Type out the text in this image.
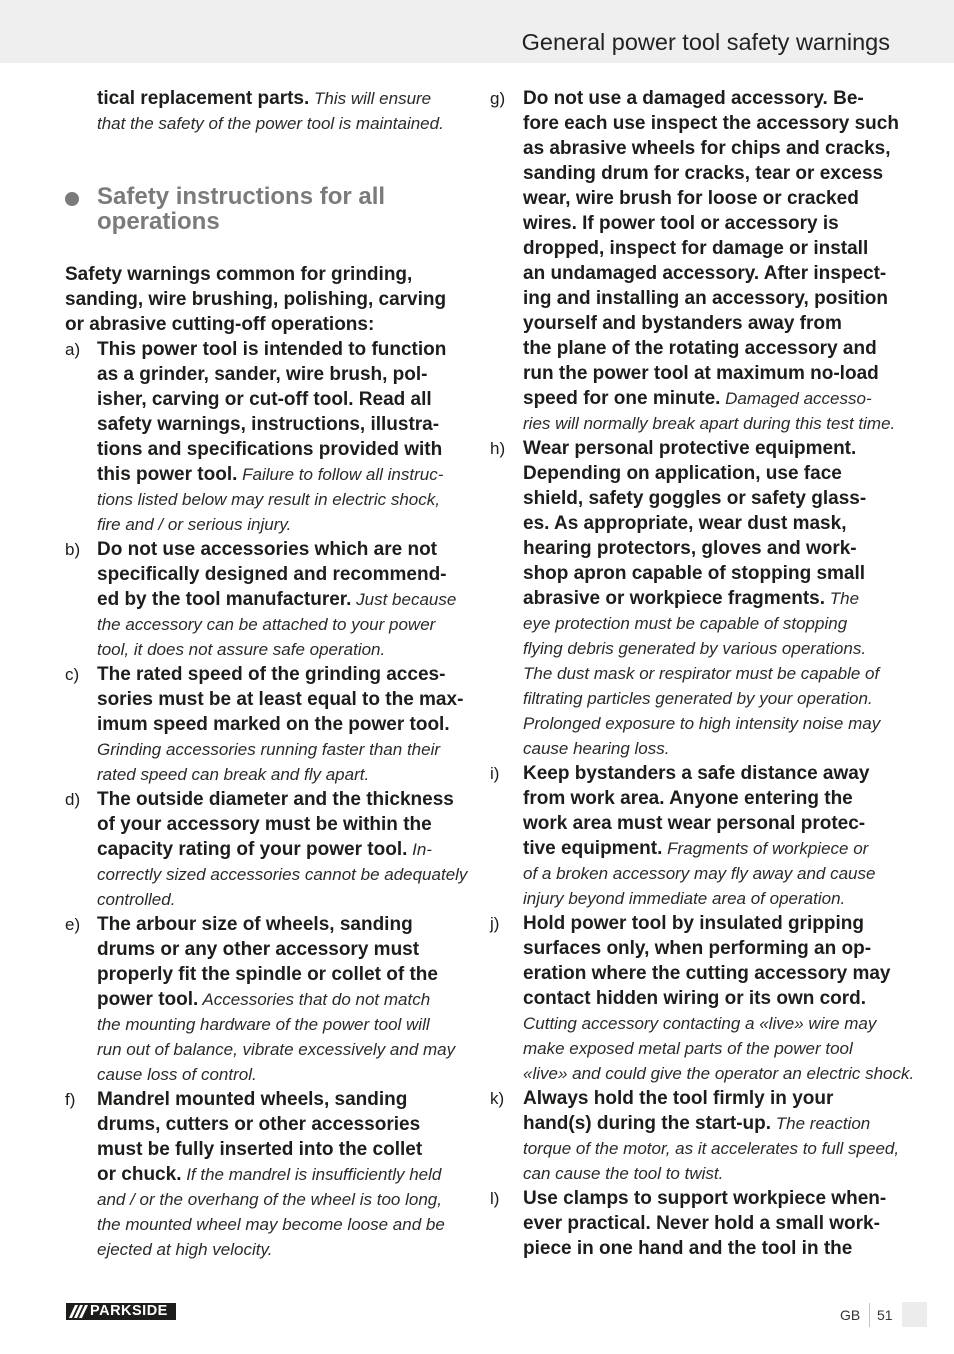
General power tool safety warnings

tical replacement parts. This will ensure
that the safety of the power tool is maintained.

Safety instructions for all
operations

Safety warnings common for grinding,
sanding, wire brushing, polishing, carving
or abrasive cutting-off operations:

a) This power tool is intended to function
as a grinder, sander, wire brush, pol-
isher, carving or cut-off tool. Read all
safety warnings, instructions, illustra-
tions and specifications provided with
this power tool. Failure to follow all instruc-
tions listed below may result in electric shock,
fire and / or serious injury.
b) Do not use accessories which are not
specifically designed and recommend-
ed by the tool manufacturer. Just because
the accessory can be attached to your power
tool, it does not assure safe operation.
c) The rated speed of the grinding acces-
sories must be at least equal to the max-
imum speed marked on the power tool.
Grinding accessories running faster than their
rated speed can break and fly apart.
d) The outside diameter and the thickness
of your accessory must be within the
capacity rating of your power tool. In-
correctly sized accessories cannot be adequately
controlled.
e) The arbour size of wheels, sanding
drums or any other accessory must
properly fit the spindle or collet of the
power tool. Accessories that do not match
the mounting hardware of the power tool will
run out of balance, vibrate excessively and may
cause loss of control.
f)	Mandrel mounted wheels, sanding
drums, cutters or other accessories
must be fully inserted into the collet
or chuck. If the mandrel is insufficiently held
and / or the overhang of the wheel is too long,
the mounted wheel may become loose and be
ejected at high velocity.
g) Do not use a damaged accessory. Be-
fore each use inspect the accessory such
as abrasive wheels for chips and cracks,
sanding drum for cracks, tear or excess
wear, wire brush for loose or cracked
wires. If power tool or accessory is
dropped, inspect for damage or install
an undamaged accessory. After inspect-
ing and installing an accessory, position
yourself and bystanders away from
the plane of the rotating accessory and
run the power tool at maximum no-load
speed for one minute. Damaged accesso-
ries will normally break apart during this test time.
h) Wear personal protective equipment.
Depending on application, use face
shield, safety goggles or safety glass-
es. As appropriate, wear dust mask,
hearing protectors, gloves and work-
shop apron capable of stopping small
abrasive or workpiece fragments. The
eye protection must be capable of stopping
flying debris generated by various operations.
The dust mask or respirator must be capable of
filtrating particles generated by your operation.
Prolonged exposure to high intensity noise may
cause hearing loss.
i)	Keep bystanders a safe distance away
from work area. Anyone entering the
work area must wear personal protec-
tive equipment. Fragments of workpiece or
of a broken accessory may fly away and cause
injury beyond immediate area of operation.
j)	Hold power tool by insulated gripping
surfaces only, when performing an op-
eration where the cutting accessory may
contact hidden wiring or its own cord.
Cutting accessory contacting a «live» wire may
make exposed metal parts of the power tool
«live» and could give the operator an electric shock.
k) Always hold the tool firmly in your
hand(s) during the start-up. The reaction
torque of the motor, as it accelerates to full speed,
can cause the tool to twist.
l)	Use clamps to support workpiece when-
ever practical. Never hold a small work-
piece in one hand and the tool in the
PARKSIDE	GB 51
